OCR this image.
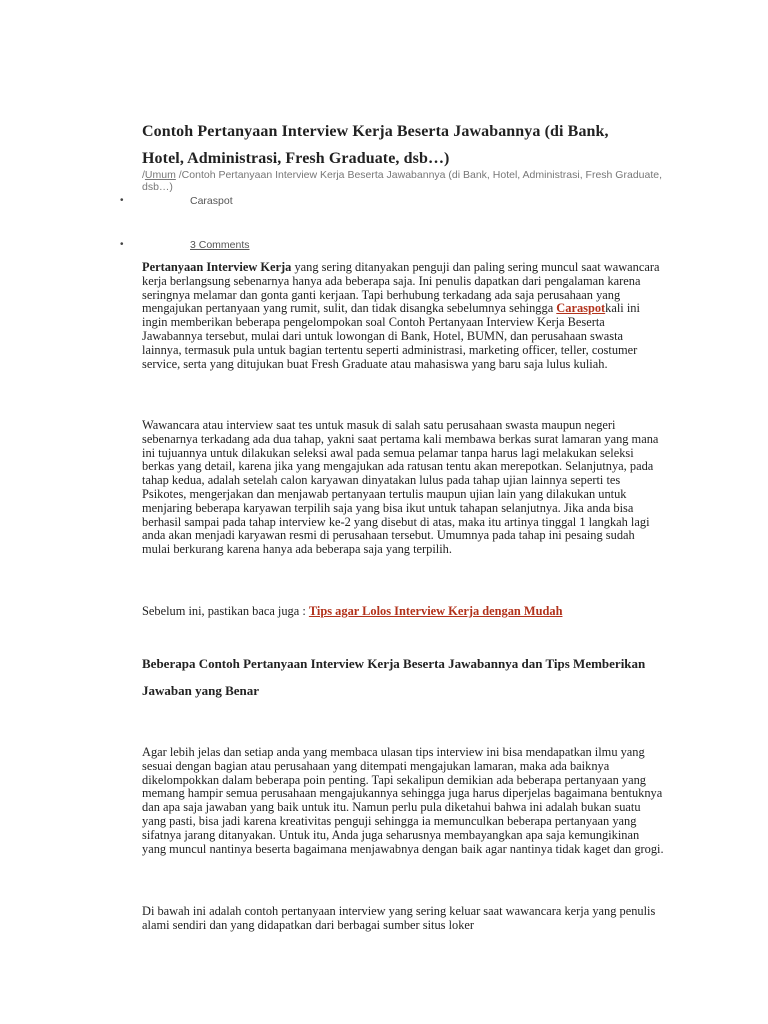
Contoh Pertanyaan Interview Kerja Beserta Jawabannya (di Bank, Hotel, Administrasi, Fresh Graduate, dsb…)
/Umum /Contoh Pertanyaan Interview Kerja Beserta Jawabannya (di Bank, Hotel, Administrasi, Fresh Graduate, dsb…)
•	Caraspot
•	3 Comments

Pertanyaan Interview Kerja yang sering ditanyakan penguji dan paling sering muncul saat wawancara kerja berlangsung sebenarnya hanya ada beberapa saja. Ini penulis dapatkan dari pengalaman karena seringnya melamar dan gonta ganti kerjaan. Tapi berhubung terkadang ada saja perusahaan yang mengajukan pertanyaan yang rumit, sulit, dan tidak disangka sebelumnya sehingga Caraspotkali ini ingin memberikan beberapa pengelompokan soal Contoh Pertanyaan Interview Kerja Beserta Jawabannya tersebut, mulai dari untuk lowongan di Bank, Hotel, BUMN, dan perusahaan swasta lainnya, termasuk pula untuk bagian tertentu seperti administrasi, marketing officer, teller, costumer service, serta yang ditujukan buat Fresh Graduate atau mahasiswa yang baru saja lulus kuliah.

Wawancara atau interview saat tes untuk masuk di salah satu perusahaan swasta maupun negeri sebenarnya terkadang ada dua tahap, yakni saat pertama kali membawa berkas surat lamaran yang mana ini tujuannya untuk dilakukan seleksi awal pada semua pelamar tanpa harus lagi melakukan seleksi berkas yang detail, karena jika yang mengajukan ada ratusan tentu akan merepotkan. Selanjutnya, pada tahap kedua, adalah setelah calon karyawan dinyatakan lulus pada tahap ujian lainnya seperti tes Psikotes, mengerjakan dan menjawab pertanyaan tertulis maupun ujian lain yang dilakukan untuk menjaring beberapa karyawan terpilih saja yang bisa ikut untuk tahapan selanjutnya. Jika anda bisa berhasil sampai pada tahap interview ke-2 yang disebut di atas, maka itu artinya tinggal 1 langkah lagi anda akan menjadi karyawan resmi di perusahaan tersebut. Umumnya pada tahap ini pesaing sudah mulai berkurang karena hanya ada beberapa saja yang terpilih.

Sebelum ini, pastikan baca juga : Tips agar Lolos Interview Kerja dengan Mudah

Beberapa Contoh Pertanyaan Interview Kerja Beserta Jawabannya dan Tips Memberikan Jawaban yang Benar

Agar lebih jelas dan setiap anda yang membaca ulasan tips interview ini bisa mendapatkan ilmu yang sesuai dengan bagian atau perusahaan yang ditempati mengajukan lamaran, maka ada baiknya dikelompokkan dalam beberapa poin penting. Tapi sekalipun demikian ada beberapa pertanyaan yang memang hampir semua perusahaan mengajukannya sehingga juga harus diperjelas bagaimana bentuknya dan apa saja jawaban yang baik untuk itu. Namun perlu pula diketahui bahwa ini adalah bukan suatu yang pasti, bisa jadi karena kreativitas penguji sehingga ia memunculkan beberapa pertanyaan yang sifatnya jarang ditanyakan. Untuk itu, Anda juga seharusnya membayangkan apa saja kemungikinan yang muncul nantinya beserta bagaimana menjawabnya dengan baik agar nantinya tidak kaget dan grogi.

Di bawah ini adalah contoh pertanyaan interview yang sering keluar saat wawancara kerja yang penulis alami sendiri dan yang didapatkan dari berbagai sumber situs loker
